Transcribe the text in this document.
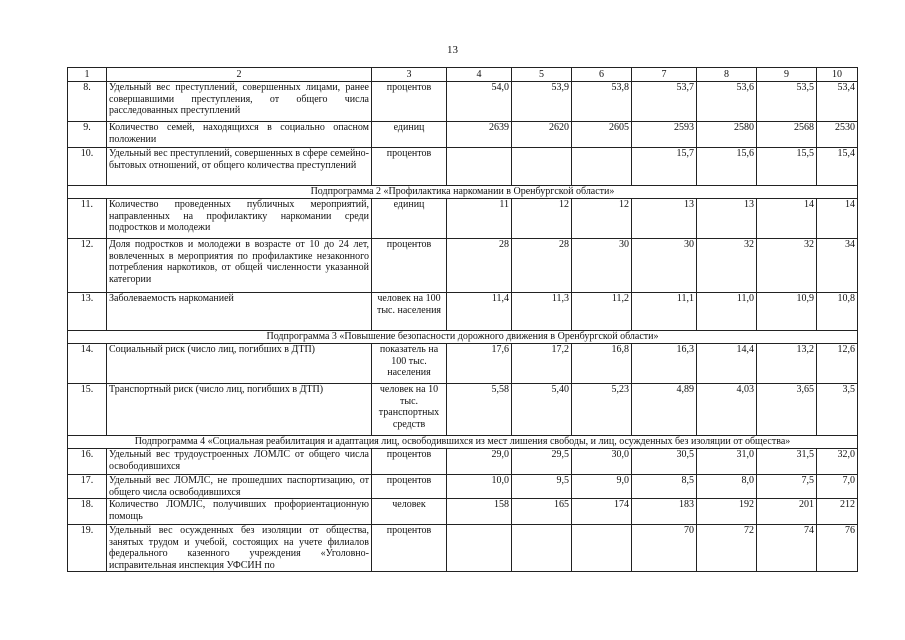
13
1	2	3	4	5	6	7	8	9	10
8.	Удельный вес преступлений, совершенных лицами, ранее совершавшими преступления, от общего числа расследованных преступлений	процентов	54,0	53,9	53,8	53,7	53,6	53,5	53,4
9.	Количество семей, находящихся в социально опасном положении	единиц	2639	2620	2605	2593	2580	2568	2530
10.	Удельный вес преступлений, совершенных в сфере семейно-бытовых отношений, от общего количества преступлений	процентов				15,7	15,6	15,5	15,4
Подпрограмма 2 «Профилактика наркомании в Оренбургской области»									
11.	Количество проведенных публичных мероприятий, направленных на профилактику наркомании среди подростков и молодежи	единиц	11	12	12	13	13	14	14
12.	Доля подростков и молодежи в возрасте от 10 до 24 лет, вовлеченных в мероприятия по профилактике незаконного потребления наркотиков, от общей численности указанной категории	процентов	28	28	30	30	32	32	34
13.	Заболеваемость наркоманией	человек на 100 тыс. населения	11,4	11,3	11,2	11,1	11,0	10,9	10,8
Подпрограмма 3 «Повышение безопасности дорожного движения в Оренбургской области»									
14.	Социальный риск (число лиц, погибших в ДТП)	показатель на 100 тыс. населения	17,6	17,2	16,8	16,3	14,4	13,2	12,6
15.	Транспортный риск (число лиц, погибших в ДТП)	человек на 10 тыс. транспортных средств	5,58	5,40	5,23	4,89	4,03	3,65	3,5
Подпрограмма 4 «Социальная реабилитация и адаптация лиц, освободившихся из мест лишения свободы, и лиц, осужденных без изоляции от общества»									
16.	Удельный вес трудоустроенных ЛОМЛС от общего числа освободившихся	процентов	29,0	29,5	30,0	30,5	31,0	31,5	32,0
17.	Удельный вес ЛОМЛС, не прошедших паспортизацию, от общего числа освободившихся	процентов	10,0	9,5	9,0	8,5	8,0	7,5	7,0
18.	Количество ЛОМЛС, получивших профориентационную помощь	человек	158	165	174	183	192	201	212
19.	Удельный вес осужденных без изоляции от общества, занятых трудом и учебой, состоящих на учете филиалов федерального казенного учреждения «Уголовно-исправительная инспекция УФСИН по	процентов				70	72	74	76
